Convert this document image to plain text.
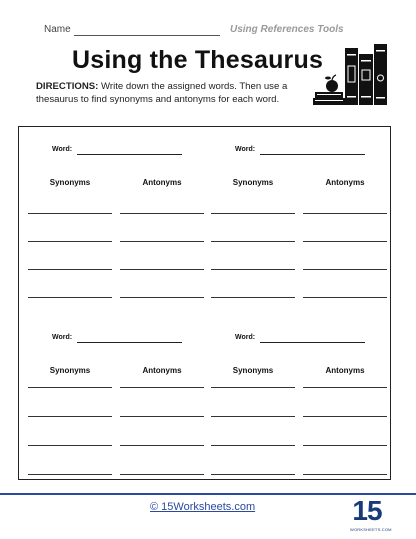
Name	Using References Tools
Using the Thesaurus
DIRECTIONS: Write down the assigned words. Then use a thesaurus to find synonyms and antonyms for each word.
Word:
Synonyms	Antonyms
Word:
Synonyms	Antonyms
Word:
Synonyms	Antonyms
Word:
Synonyms	Antonyms
© 15Worksheets.com	15
WORKSHEETS.COM
